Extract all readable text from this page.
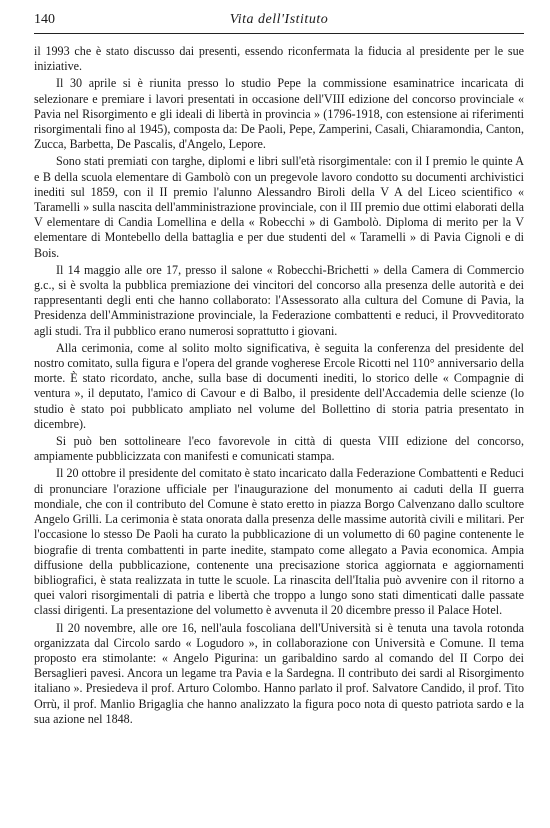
140	Vita dell'Istituto

il 1993 che è stato discusso dai presenti, essendo riconfermata la fiducia al presidente per le sue iniziative.

Il 30 aprile si è riunita presso lo studio Pepe la commissione esaminatrice incaricata di selezionare e premiare i lavori presentati in occasione dell'VIII edizione del concorso provinciale « Pavia nel Risorgimento e gli ideali di libertà in provincia » (1796-1918, con estensione ai riferimenti risorgimentali fino al 1945), composta da: De Paoli, Pepe, Zamperini, Casali, Chiaramondia, Canton, Zucca, Barbetta, De Pascalis, d'Angelo, Lepore.

Sono stati premiati con targhe, diplomi e libri sull'età risorgimentale: con il I premio le quinte A e B della scuola elementare di Gambolò con un pregevole lavoro condotto su documenti archivistici inediti sul 1859, con il II premio l'alunno Alessandro Biroli della V A del Liceo scientifico « Taramelli » sulla nascita dell'amministrazione provinciale, con il III premio due ottimi elaborati della V elementare di Candia Lomellina e della « Robecchi » di Gambolò. Diploma di merito per la V elementare di Montebello della battaglia e per due studenti del « Taramelli » di Pavia Cignoli e di Bois.

Il 14 maggio alle ore 17, presso il salone « Robecchi-Brichetti » della Camera di Commercio g.c., si è svolta la pubblica premiazione dei vincitori del concorso alla presenza delle autorità e dei rappresentanti degli enti che hanno collaborato: l'Assessorato alla cultura del Comune di Pavia, la Presidenza dell'Amministrazione provinciale, la Federazione combattenti e reduci, il Provveditorato agli studi. Tra il pubblico erano numerosi soprattutto i giovani.

Alla cerimonia, come al solito molto significativa, è seguita la conferenza del presidente del nostro comitato, sulla figura e l'opera del grande vogherese Ercole Ricotti nel 110° anniversario della morte. È stato ricordato, anche, sulla base di documenti inediti, lo storico delle « Compagnie di ventura », il deputato, l'amico di Cavour e di Balbo, il presidente dell'Accademia delle scienze (lo studio è stato poi pubblicato ampliato nel volume del Bollettino di storia patria presentato in dicembre).

Si può ben sottolineare l'eco favorevole in città di questa VIII edizione del concorso, ampiamente pubblicizzata con manifesti e comunicati stampa.

Il 20 ottobre il presidente del comitato è stato incaricato dalla Federazione Combattenti e Reduci di pronunciare l'orazione ufficiale per l'inaugurazione del monumento ai caduti della II guerra mondiale, che con il contributo del Comune è stato eretto in piazza Borgo Calvenzano dallo scultore Angelo Grilli. La cerimonia è stata onorata dalla presenza delle massime autorità civili e militari. Per l'occasione lo stesso De Paoli ha curato la pubblicazione di un volumetto di 60 pagine contenente le biografie di trenta combattenti in parte inedite, stampato come allegato a Pavia economica. Ampia diffusione della pubblicazione, contenente una precisazione storica aggiornata e aggiornamenti bibliografici, è stata realizzata in tutte le scuole. La rinascita dell'Italia può avvenire con il ritorno a quei valori risorgimentali di patria e libertà che troppo a lungo sono stati dimenticati dalle passate classi dirigenti. La presentazione del volumetto è avvenuta il 20 dicembre presso il Palace Hotel.

Il 20 novembre, alle ore 16, nell'aula foscoliana dell'Università si è tenuta una tavola rotonda organizzata dal Circolo sardo « Logudoro », in collaborazione con Università e Comune. Il tema proposto era stimolante: « Angelo Pigurina: un garibaldino sardo al comando del II Corpo dei Bersaglieri pavesi. Ancora un legame tra Pavia e la Sardegna. Il contributo dei sardi al Risorgimento italiano ». Presiedeva il prof. Arturo Colombo. Hanno parlato il prof. Salvatore Candido, il prof. Tito Orrù, il prof. Manlio Brigaglia che hanno analizzato la figura poco nota di questo patriota sardo e la sua azione nel 1848.
